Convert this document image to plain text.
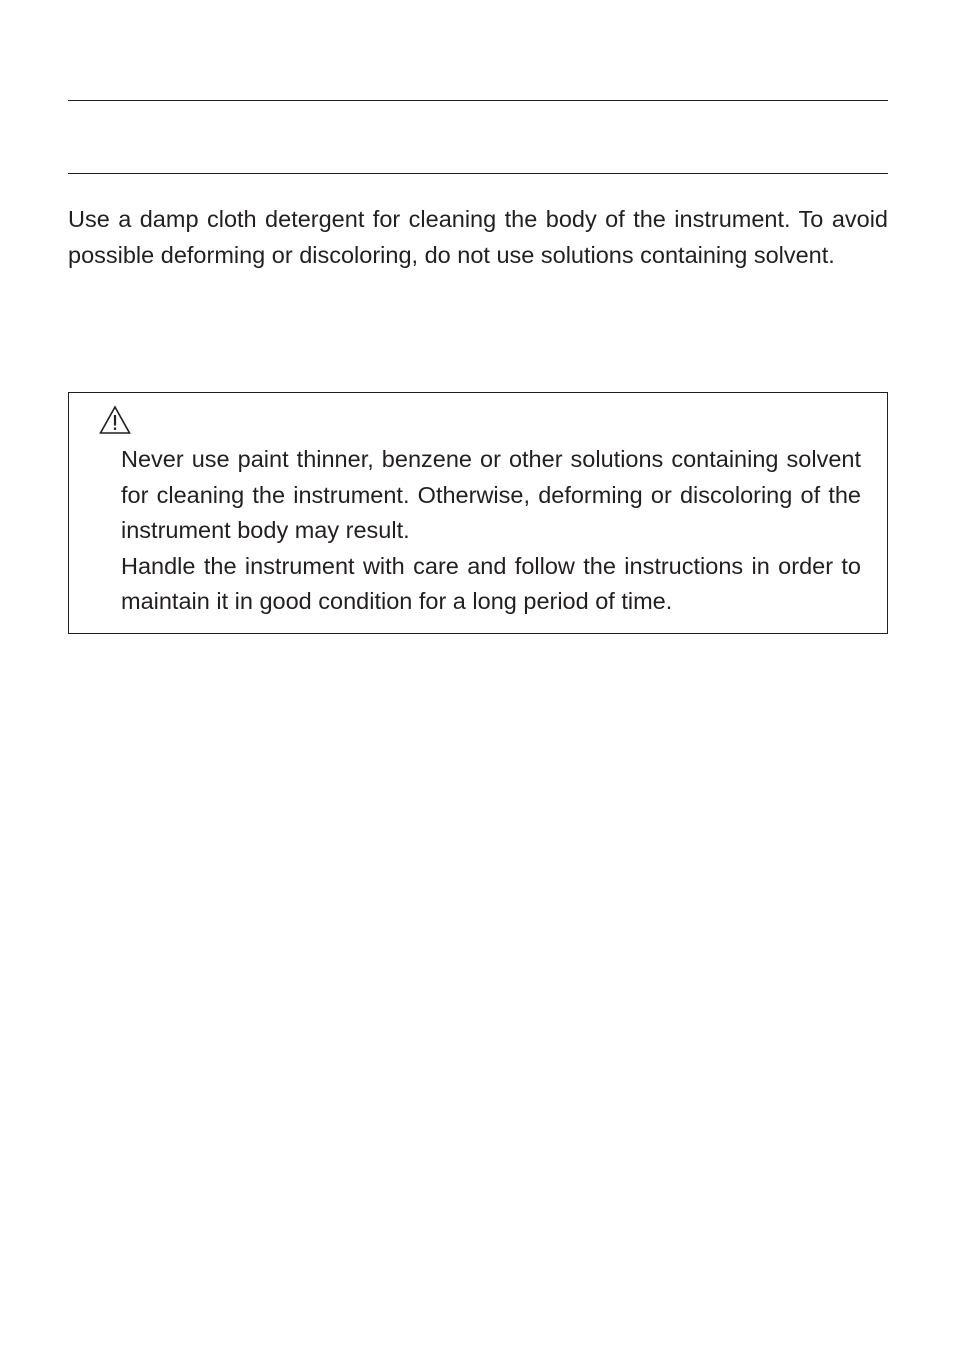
Use a damp cloth detergent for cleaning the body of the instrument. To avoid possible deforming or discoloring, do not use solutions containing solvent.

Never use paint thinner, benzene or other solutions containing solvent for cleaning the instrument. Otherwise, deforming or discoloring of the instrument body may result.

Handle the instrument with care and follow the instructions in order to maintain it in good condition for a long period of time.
